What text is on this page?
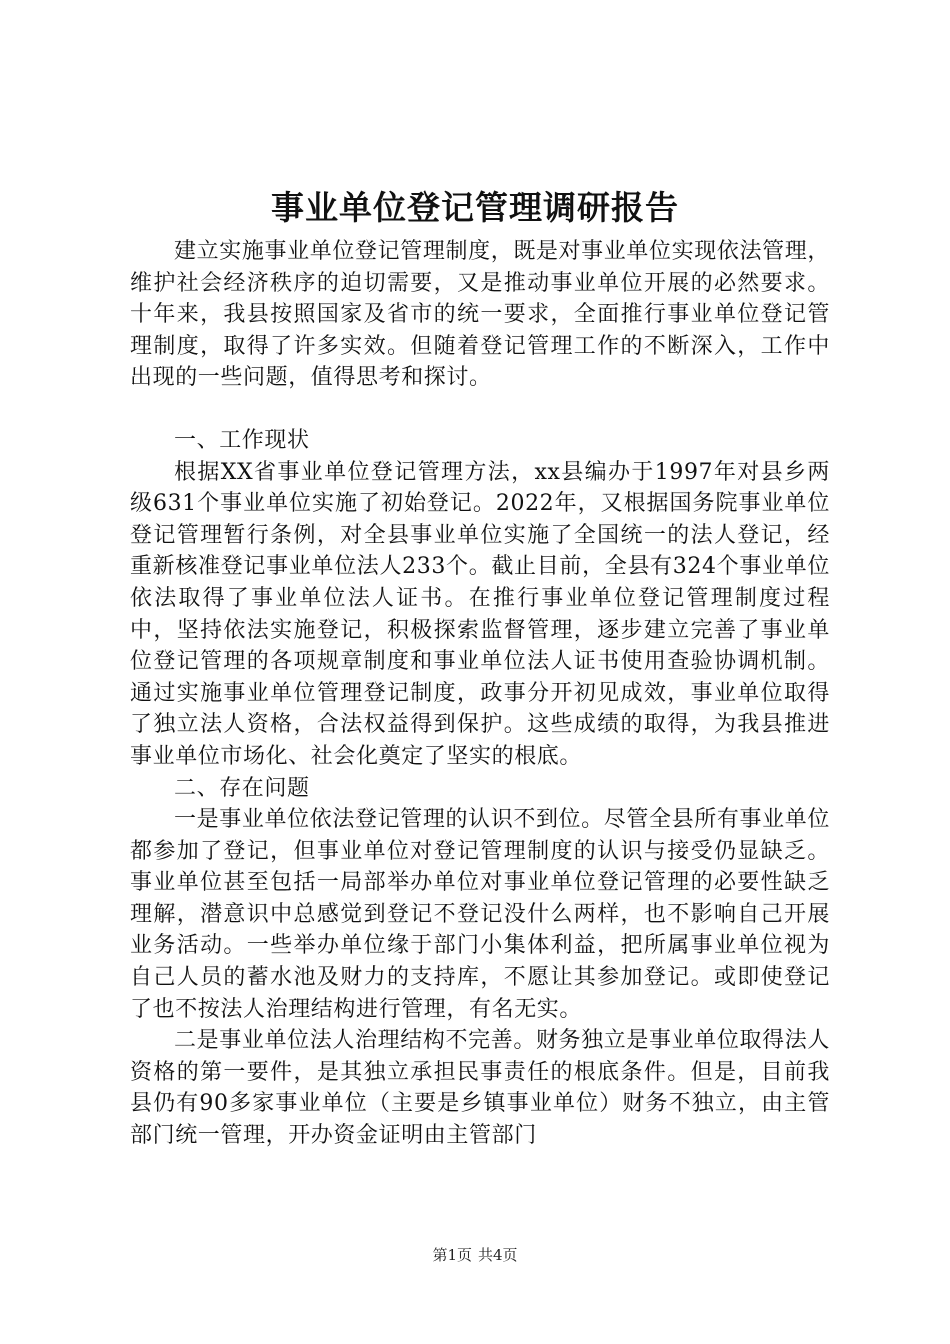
事业单位登记管理调研报告

建立实施事业单位登记管理制度，既是对事业单位实现依法管理，维护社会经济秩序的迫切需要，又是推动事业单位开展的必然要求。十年来，我县按照国家及省市的统一要求，全面推行事业单位登记管理制度，取得了许多实效。但随着登记管理工作的不断深入，工作中出现的一些问题，值得思考和探讨。

一、工作现状

根据XX省事业单位登记管理方法，xx县编办于1997年对县乡两级631个事业单位实施了初始登记。2022年，又根据国务院事业单位登记管理暂行条例，对全县事业单位实施了全国统一的法人登记，经重新核准登记事业单位法人233个。截止目前，全县有324个事业单位依法取得了事业单位法人证书。在推行事业单位登记管理制度过程中，坚持依法实施登记，积极探索监督管理，逐步建立完善了事业单位登记管理的各项规章制度和事业单位法人证书使用查验协调机制。通过实施事业单位管理登记制度，政事分开初见成效，事业单位取得了独立法人资格，合法权益得到保护。这些成绩的取得，为我县推进事业单位市场化、社会化奠定了坚实的根底。

二、存在问题

一是事业单位依法登记管理的认识不到位。尽管全县所有事业单位都参加了登记，但事业单位对登记管理制度的认识与接受仍显缺乏。事业单位甚至包括一局部举办单位对事业单位登记管理的必要性缺乏理解，潜意识中总感觉到登记不登记没什么两样，也不影响自己开展业务活动。一些举办单位缘于部门小集体利益，把所属事业单位视为自己人员的蓄水池及财力的支持库，不愿让其参加登记。或即使登记了也不按法人治理结构进行管理，有名无实。

二是事业单位法人治理结构不完善。财务独立是事业单位取得法人资格的第一要件，是其独立承担民事责任的根底条件。但是，目前我县仍有90多家事业单位（主要是乡镇事业单位）财务不独立，由主管部门统一管理，开办资金证明由主管部门

第1页 共4页
